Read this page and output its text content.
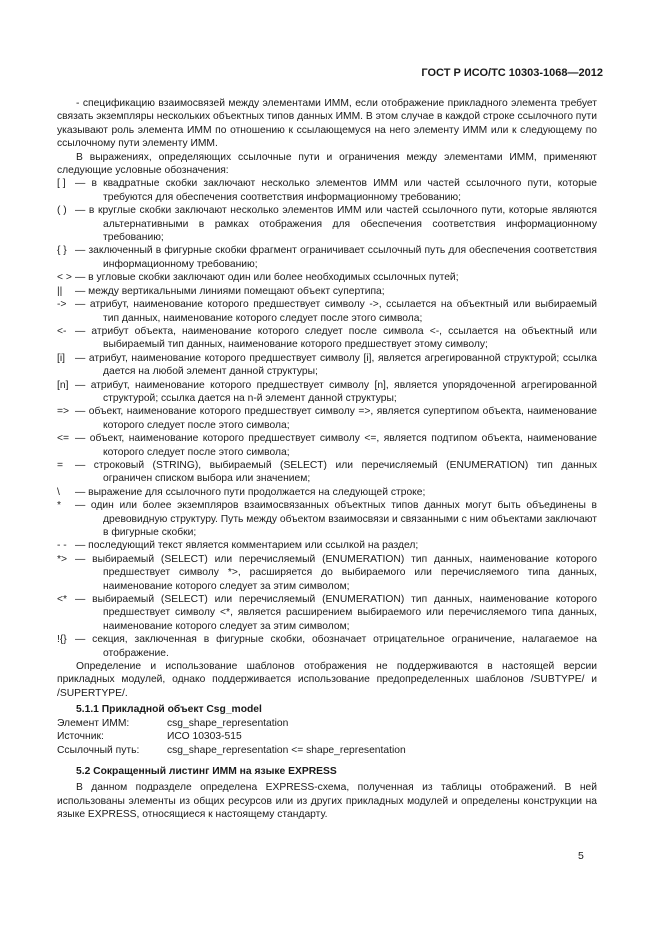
ГОСТ Р ИСО/ТС 10303-1068—2012

- спецификацию взаимосвязей между элементами ИММ, если отображение прикладного элемента требует связать экземпляры нескольких объектных типов данных ИММ. В этом случае в каждой строке ссылочного пути указывают роль элемента ИММ по отношению к ссылающемуся на него элементу ИММ или к следующему по ссылочному пути элементу ИММ.

В выражениях, определяющих ссылочные пути и ограничения между элементами ИММ, применяют следующие условные обозначения:

[ ] — в квадратные скобки заключают несколько элементов ИММ или частей ссылочного пути, которые требуются для обеспечения соответствия информационному требованию;
( ) — в круглые скобки заключают несколько элементов ИММ или частей ссылочного пути, которые являются альтернативными в рамках отображения для обеспечения соответствия информационному требованию;
{ } — заключенный в фигурные скобки фрагмент ограничивает ссылочный путь для обеспечения соответствия информационному требованию;
< > — в угловые скобки заключают один или более необходимых ссылочных путей;
||	— между вертикальными линиями помещают объект супертипа;
-> — атрибут, наименование которого предшествует символу ->, ссылается на объектный или выбираемый тип данных, наименование которого следует после этого символа;
<- — атрибут объекта, наименование которого следует после символа <-, ссылается на объектный или выбираемый тип данных, наименование которого предшествует этому символу;
[i] — атрибут, наименование которого предшествует символу [i], является агрегированной структурой; ссылка дается на любой элемент данной структуры;
[n] — атрибут, наименование которого предшествует символу [n], является упорядоченной агрегированной структурой; ссылка дается на n-й элемент данной структуры;
=> — объект, наименование которого предшествует символу =>, является супертипом объекта, наименование которого следует после этого символа;
<= — объект, наименование которого предшествует символу <=, является подтипом объекта, наименование которого следует после этого символа;
=	— строковый (STRING), выбираемый (SELECT) или перечисляемый (ENUMERATION) тип данных ограничен списком выбора или значением;
\	— выражение для ссылочного пути продолжается на следующей строке;
*	— один или более экземпляров взаимосвязанных объектных типов данных могут быть объединены в древовидную структуру. Путь между объектом взаимосвязи и связанными с ним объектами заключают в фигурные скобки;
- - — последующий текст является комментарием или ссылкой на раздел;
*> — выбираемый (SELECT) или перечисляемый (ENUMERATION) тип данных, наименование которого предшествует символу *>, расширяется до выбираемого или перечисляемого типа данных, наименование которого следует за этим символом;
<* — выбираемый (SELECT) или перечисляемый (ENUMERATION) тип данных, наименование которого предшествует символу <*, является расширением выбираемого или перечисляемого типа данных, наименование которого следует за этим символом;
!{} — секция, заключенная в фигурные скобки, обозначает отрицательное ограничение, налагаемое на отображение.

Определение и использование шаблонов отображения не поддерживаются в настоящей версии прикладных модулей, однако поддерживается использование предопределенных шаблонов /SUBTYPE/ и /SUPERTYPE/.

5.1.1 Прикладной объект Csg_model
Элемент ИММ:	csg_shape_representation
Источник:	ИСО 10303-515
Ссылочный путь:	csg_shape_representation <= shape_representation
5.2 Сокращенный листинг ИММ на языке EXPRESS

В данном подразделе определена EXPRESS-схема, полученная из таблицы отображений. В ней использованы элементы из общих ресурсов или из других прикладных модулей и определены конструкции на языке EXPRESS, относящиеся к настоящему стандарту.

5
